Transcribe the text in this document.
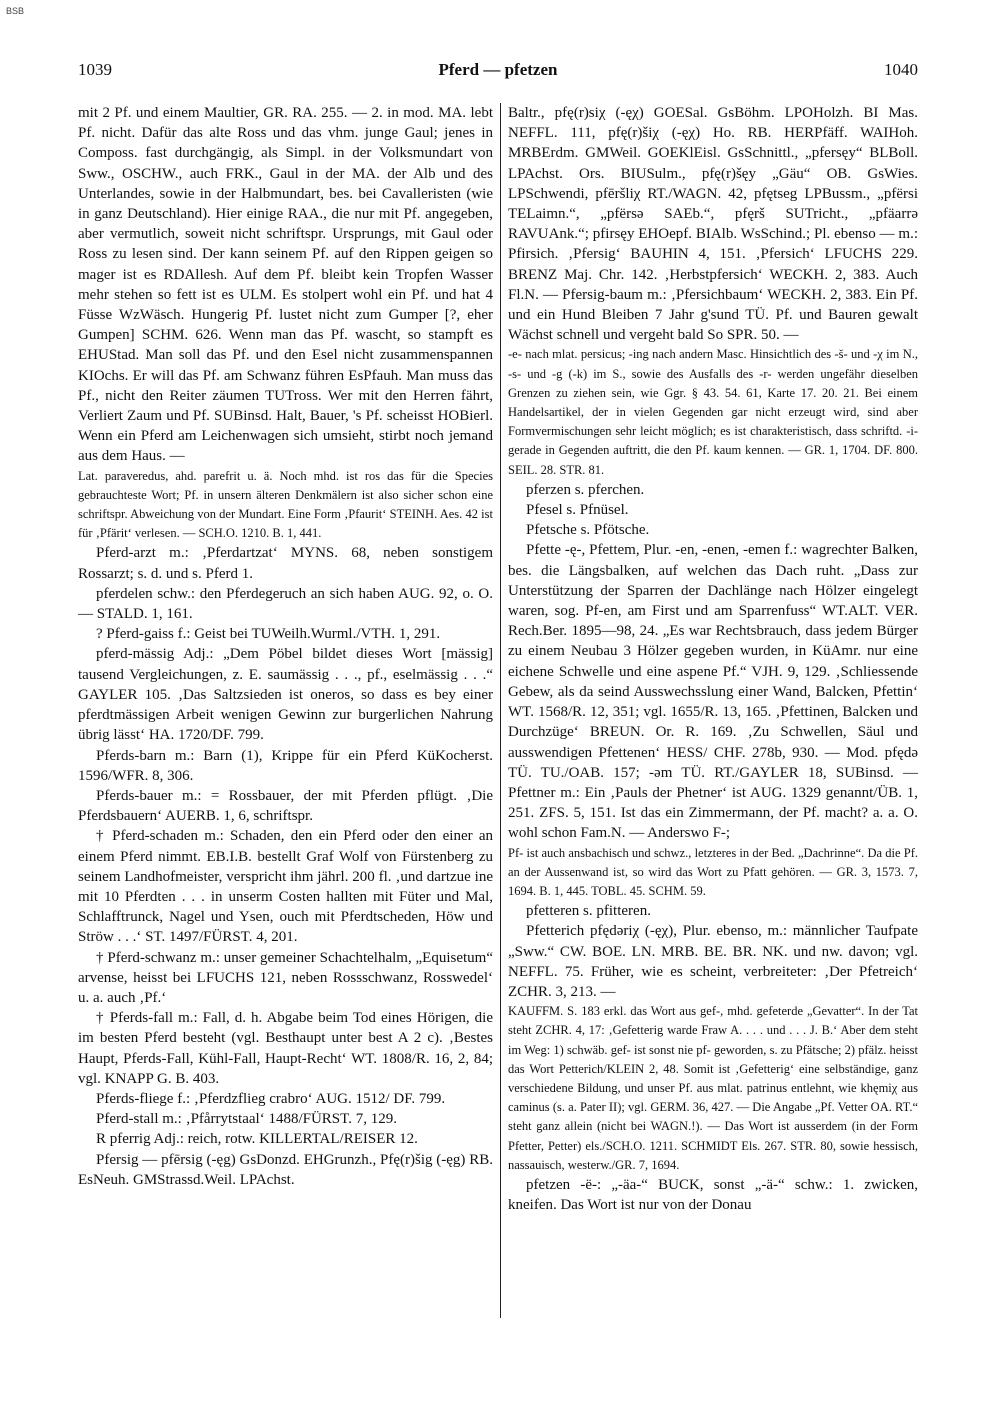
BSB
1039	Pferd — pfetzen	1040

mit 2 Pf. und einem Maultier, GR. RA. 255. — 2. in mod. MA. lebt Pf. nicht. Dafür das alte Ross und das vhm. junge Gaul; jenes in Composs. fast durchgängig, als Simpl. in der Volksmundart von Sww., OSCHW., auch FRK., Gaul in der MA. der Alb und des Unterlandes, sowie in der Halbmundart, bes. bei Cavalleristen (wie in ganz Deutschland). Hier einige RAA., die nur mit Pf. angegeben, aber vermutlich, soweit nicht schriftspr. Ursprungs, mit Gaul oder Ross zu lesen sind. Der kann seinem Pf. auf den Rippen geigen so mager ist es RDAllesh. Auf dem Pf. bleibt kein Tropfen Wasser mehr stehen so fett ist es ULM. Es stolpert wohl ein Pf. und hat 4 Füsse WzWäsch. Hungerig Pf. lustet nicht zum Gumper [?, eher Gumpen] SCHM. 626. Wenn man das Pf. wascht, so stampft es EHUStad. Man soll das Pf. und den Esel nicht zusammenspannen KIOchs. Er will das Pf. am Schwanz führen EsPfauh. Man muss das Pf., nicht den Reiter zäumen TUTross. Wer mit den Herren fährt, Verliert Zaum und Pf. SUBinsd. Halt, Bauer, 's Pf. scheisst HOBierl. Wenn ein Pferd am Leichenwagen sich umsieht, stirbt noch jemand aus dem Haus. —

Lat. paraveredus, ahd. parefrit u. ä. Noch mhd. ist ros das für die Species gebrauchteste Wort; Pf. in unsern älteren Denkmälern ist also sicher schon eine schriftspr. Abweichung von der Mundart. Eine Form ‚Pfaurit‘ STEINH. Aes. 42 ist für ‚Pfärit‘ verlesen. — SCH.O. 1210. B. 1, 441.

Pferd-arzt m.: ‚Pferdartzat‘ MYNS. 68, neben sonstigem Rossarzt; s. d. und s. Pferd 1.

pferdelen schw.: den Pferdegeruch an sich haben AUG. 92, o. O. — STALD. 1, 161.

? Pferd-gaiss f.: Geist bei TUWeilh.Wurml./VTH. 1, 291.

pferd-mässig Adj.: „Dem Pöbel bildet dieses Wort [mässig] tausend Vergleichungen, z. E. saumässig . . ., pf., eselmässig . . .“ GAYLER 105. ‚Das Saltzsieden ist oneros, so dass es bey einer pferdtmässigen Arbeit wenigen Gewinn zur burgerlichen Nahrung übrig lässt‘ HA. 1720/DF. 799.

Pferds-barn m.: Barn (1), Krippe für ein Pferd KüKocherst. 1596/WFR. 8, 306.

Pferds-bauer m.: = Rossbauer, der mit Pferden pflügt. ‚Die Pferdsbauern‘ AUERB. 1, 6, schriftspr.

† Pferd-schaden m.: Schaden, den ein Pferd oder den einer an einem Pferd nimmt. EB.I.B. bestellt Graf Wolf von Fürstenberg zu seinem Landhofmeister, verspricht ihm jährl. 200 fl. ‚und dartzue ine mit 10 Pferdten . . . in unserm Costen hallten mit Füter und Mal, Schlafftrunck, Nagel und Ysen, ouch mit Pferdtscheden, Höw und Ströw . . .‘ ST. 1497/FÜRST. 4, 201.

† Pferd-schwanz m.: unser gemeiner Schachtelhalm, „Equisetum“ arvense, heisst bei LFUCHS 121, neben Rossschwanz, Rosswedel‘ u. a. auch ‚Pf.‘

† Pferds-fall m.: Fall, d. h. Abgabe beim Tod eines Hörigen, die im besten Pferd besteht (vgl. Besthaupt unter best A 2 c). ‚Bestes Haupt, Pferds-Fall, Kühl-Fall, Haupt-Recht‘ WT. 1808/R. 16, 2, 84; vgl. KNAPP G. B. 403.

Pferds-fliege f.: ‚Pferdzflieg crabro‘ AUG. 1512/ DF. 799.

Pferd-stall m.: ‚Pfårrytstaal‘ 1488/FÜRST. 7, 129.

R pferrig Adj.: reich, rotw. KILLERTAL/REISER 12.

Pfersig — pfērsig (-ęg) GsDonzd. EHGrunzh., Pfę(r)šig (-ęg) RB. EsNeuh. GMStrassd.Weil. LPAchst.

Baltr., pfę(r)siχ (-ęχ) GOESal. GsBöhm. LPOHolzh. BI Mas. NEFFL. 111, pfę(r)šiχ (-ęχ) Ho. RB. HERPfäff. WAIHoh. MRBErdm. GMWeil. GOEKlEisl. GsSchnittl., „pfersęy“ BLBoll. LPAchst. Ors. BIUSulm., pfę(r)šęy „Gäu“ OB. GsWies. LPSchwendi, pfēršliχ RT./WAGN. 42, pfętseg LPBussm., „pfërsi TELaimn.“, „pfërsə SAEb.“, pfęrš SUTricht., „pfäarrə RAVUAnk.“; pfirsęy EHOepf. BIAlb. WsSchind.; Pl. ebenso — m.: Pfirsich. ‚Pfersig‘ BAUHIN 4, 151. ‚Pfersich‘ LFUCHS 229. BRENZ Maj. Chr. 142. ‚Herbstpfersich‘ WECKH. 2, 383. Auch Fl.N. — Pfersig-baum m.: ‚Pfersichbaum‘ WECKH. 2, 383. Ein Pf. und ein Hund Bleiben 7 Jahr g'sund TÜ. Pf. und Bauren gewalt Wächst schnell und vergeht bald So SPR. 50. —

-e- nach mlat. persicus; -ing nach andern Masc. Hinsichtlich des -š- und -χ im N., -s- und -g (-k) im S., sowie des Ausfalls des -r- werden ungefähr dieselben Grenzen zu ziehen sein, wie Ggr. § 43. 54. 61, Karte 17. 20. 21. Bei einem Handelsartikel, der in vielen Gegenden gar nicht erzeugt wird, sind aber Formvermischungen sehr leicht möglich; es ist charakteristisch, dass schriftd. -i- gerade in Gegenden auftritt, die den Pf. kaum kennen. — GR. 1, 1704. DF. 800. SEIL. 28. STR. 81.

pferzen s. pferchen.

Pfesel s. Pfnüsel.

Pfetsche s. Pfötsche.

Pfette -ę-, Pfettem, Plur. -en, -enen, -emen f.: wagrechter Balken, bes. die Längsbalken, auf welchen das Dach ruht. „Dass zur Unterstützung der Sparren der Dachlänge nach Hölzer eingelegt waren, sog. Pf-en, am First und am Sparrenfuss“ WT.ALT. VER. Rech.Ber. 1895—98, 24. „Es war Rechtsbrauch, dass jedem Bürger zu einem Neubau 3 Hölzer gegeben wurden, in KüAmr. nur eine eichene Schwelle und eine aspene Pf.“ VJH. 9, 129. ‚Schliessende Gebew, als da seind Ausswechsslung einer Wand, Balcken, Pfettin‘ WT. 1568/R. 12, 351; vgl. 1655/R. 13, 165. ‚Pfettinen, Balcken und Durchzüge‘ BREUN. Or. R. 169. ‚Zu Schwellen, Säul und ausswendigen Pfettenen‘ HESS/ CHF. 278b, 930. — Mod. pfędə TÜ. TU./OAB. 157; -əm TÜ. RT./GAYLER 18, SUBinsd. — Pfettner m.: Ein ‚Pauls der Phetner‘ ist AUG. 1329 genannt/ÜB. 1, 251. ZFS. 5, 151. Ist das ein Zimmermann, der Pf. macht? a. a. O. wohl schon Fam.N. — Anderswo F-;

Pf- ist auch ansbachisch und schwz., letzteres in der Bed. „Dachrinne“. Da die Pf. an der Aussenwand ist, so wird das Wort zu Pfatt gehören. — GR. 3, 1573. 7, 1694. B. 1, 445. TOBL. 45. SCHM. 59.

pfetteren s. pfitteren.

Pfetterich pfędəriχ (-ęχ), Plur. ebenso, m.: männlicher Taufpate „Sww.“ CW. BOE. LN. MRB. BE. BR. NK. und nw. davon; vgl. NEFFL. 75. Früher, wie es scheint, verbreiteter: ‚Der Pfetreich‘ ZCHR. 3, 213. —

KAUFFM. S. 183 erkl. das Wort aus gef-, mhd. gefeterde „Gevatter“. In der Tat steht ZCHR. 4, 17: ‚Gefetterig wardе Fraw A. . . . und . . . J. B.‘ Aber dem steht im Weg: 1) schwäb. gef- ist sonst nie pf- geworden, s. zu Pfätsche; 2) pfälz. heisst das Wort Petterich/KLEIN 2, 48. Somit ist ‚Gefetterig‘ eine selbständige, ganz verschiedene Bildung, und unser Pf. aus mlat. patrinus entlehnt, wie khęmiχ aus caminus (s. a. Pater II); vgl. GERM. 36, 427. — Die Angabe „Pf. Vetter OA. RT.“ steht ganz allein (nicht bei WAGN.!). — Das Wort ist ausserdem (in der Form Pfetter, Petter) els./SCH.O. 1211. SCHMIDT Els. 267. STR. 80, sowie hessisch, nassauisch, westerw./GR. 7, 1694.

pfetzen -ë-: „-äa-“ BUCK, sonst „-ä-“ schw.: 1. zwicken, kneifen. Das Wort ist nur von der Donau
